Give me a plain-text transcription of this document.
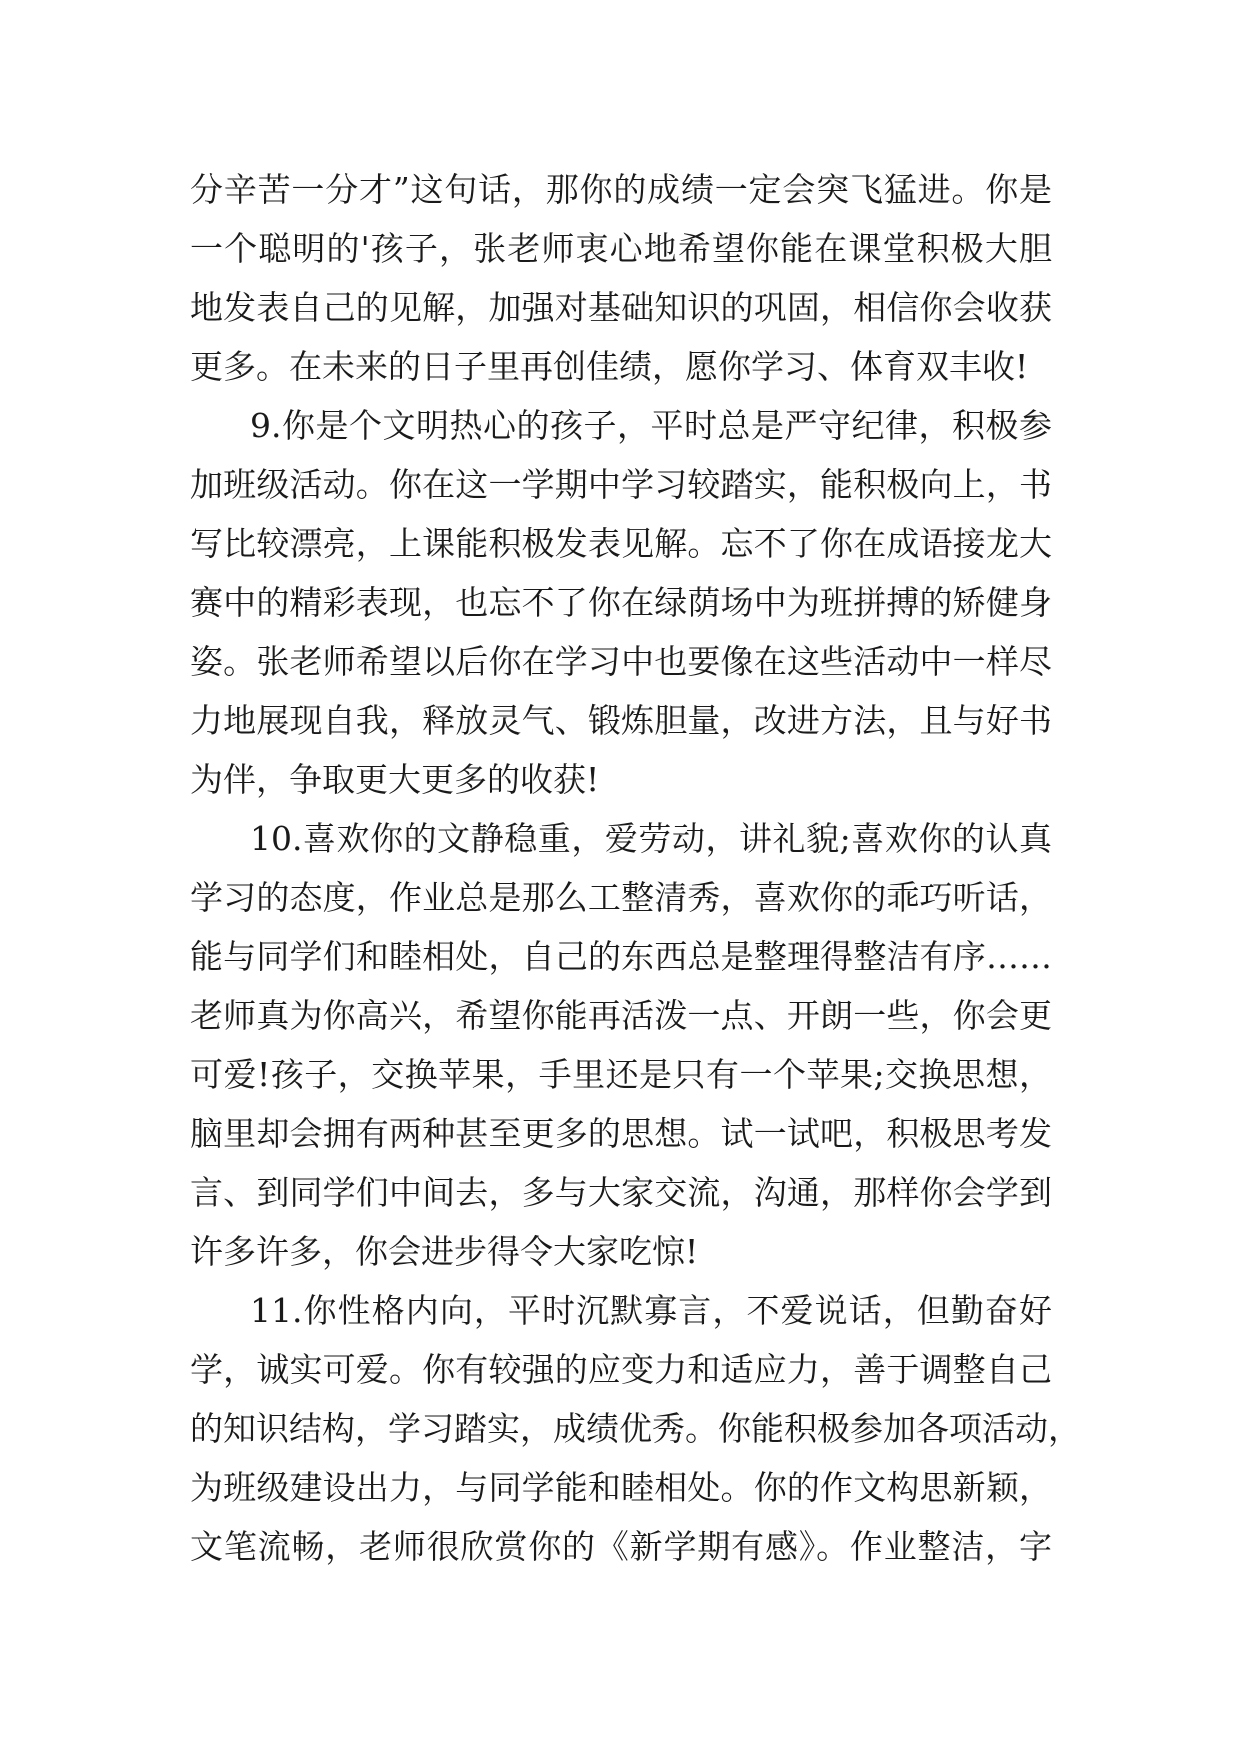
分辛苦一分才”这句话，那你的成绩一定会突飞猛进。你是
一个聪明的'孩子，张老师衷心地希望你能在课堂积极大胆
地发表自己的见解，加强对基础知识的巩固，相信你会收获
更多。在未来的日子里再创佳绩，愿你学习、体育双丰收!
9.你是个文明热心的孩子，平时总是严守纪律，积极参
加班级活动。你在这一学期中学习较踏实，能积极向上，书
写比较漂亮，上课能积极发表见解。忘不了你在成语接龙大
赛中的精彩表现，也忘不了你在绿荫场中为班拼搏的矫健身
姿。张老师希望以后你在学习中也要像在这些活动中一样尽
力地展现自我，释放灵气、锻炼胆量，改进方法，且与好书
为伴，争取更大更多的收获!
10.喜欢你的文静稳重，爱劳动，讲礼貌;喜欢你的认真
学习的态度，作业总是那么工整清秀，喜欢你的乖巧听话，
能与同学们和睦相处，自己的东西总是整理得整洁有序……
老师真为你高兴，希望你能再活泼一点、开朗一些，你会更
可爱!孩子，交换苹果，手里还是只有一个苹果;交换思想，
脑里却会拥有两种甚至更多的思想。试一试吧，积极思考发
言、到同学们中间去，多与大家交流，沟通，那样你会学到
许多许多，你会进步得令大家吃惊!
11.你性格内向，平时沉默寡言，不爱说话，但勤奋好
学，诚实可爱。你有较强的应变力和适应力，善于调整自己
的知识结构，学习踏实，成绩优秀。你能积极参加各项活动，
为班级建设出力，与同学能和睦相处。你的作文构思新颖，
文笔流畅，老师很欣赏你的《新学期有感》。作业整洁，字
